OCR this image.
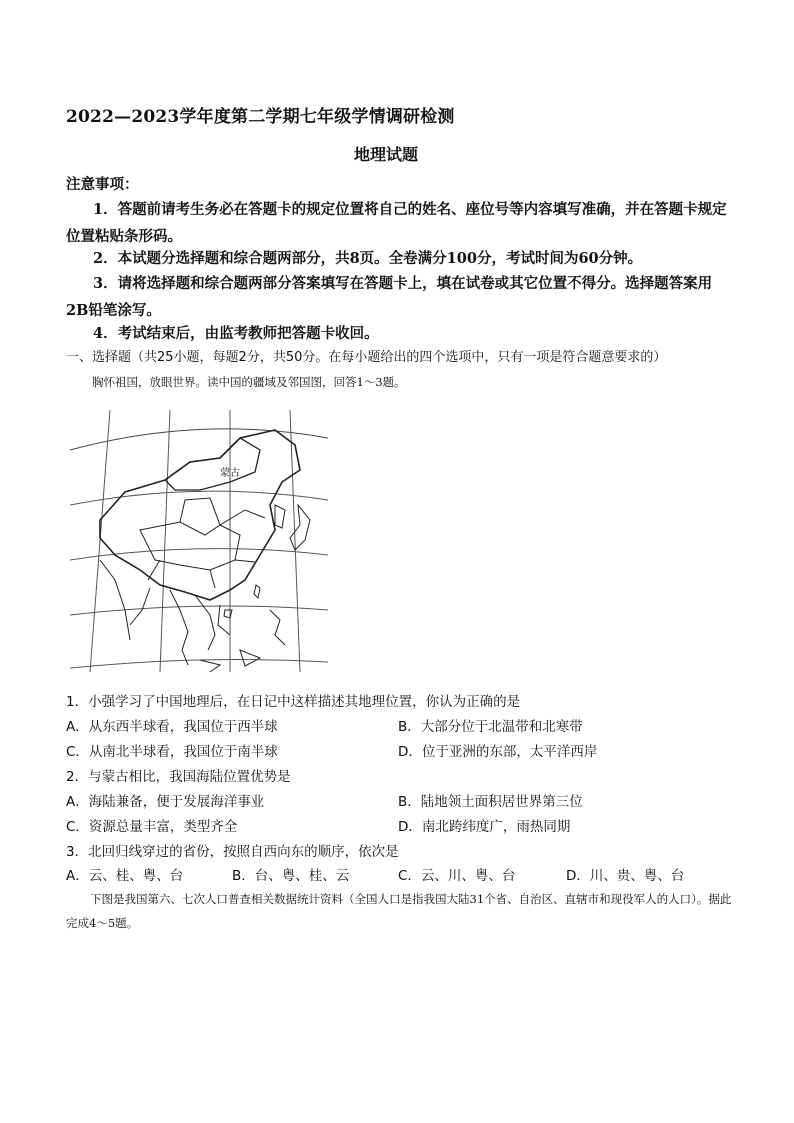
2022—2023学年度第二学期七年级学情调研检测
地理试题
注意事项：
1．答题前请考生务必在答题卡的规定位置将自己的姓名、座位号等内容填写准确，并在答题卡规定位置粘贴条形码。
2．本试题分选择题和综合题两部分，共8页。全卷满分100分，考试时间为60分钟。
3．请将选择题和综合题两部分答案填写在答题卡上，填在试卷或其它位置不得分。选择题答案用2B铅笔涂写。
4．考试结束后，由监考教师把答题卡收回。
一、选择题（共25小题，每题2分，共50分。在每小题给出的四个选项中，只有一项是符合题意要求的）
胸怀祖国，放眼世界。读中国的疆域及邻国图，回答1～3题。
蒙古
1．小强学习了中国地理后，在日记中这样描述其地理位置，你认为正确的是
A．从东西半球看，我国位于西半球	B．大部分位于北温带和北寒带
C．从南北半球看，我国位于南半球	D．位于亚洲的东部，太平洋西岸
2．与蒙古相比，我国海陆位置优势是
A．海陆兼备，便于发展海洋事业	B．陆地领土面积居世界第三位
C．资源总量丰富，类型齐全	D．南北跨纬度广，雨热同期
3．北回归线穿过的省份，按照自西向东的顺序，依次是
A．云、桂、粤、台	B．台、粤、桂、云	C．云、川、粤、台	D．川、贵、粤、台
下图是我国第六、七次人口普查相关数据统计资料（全国人口是指我国大陆31个省、自治区、直辖市和现役军人的人口）。据此完成4～5题。
